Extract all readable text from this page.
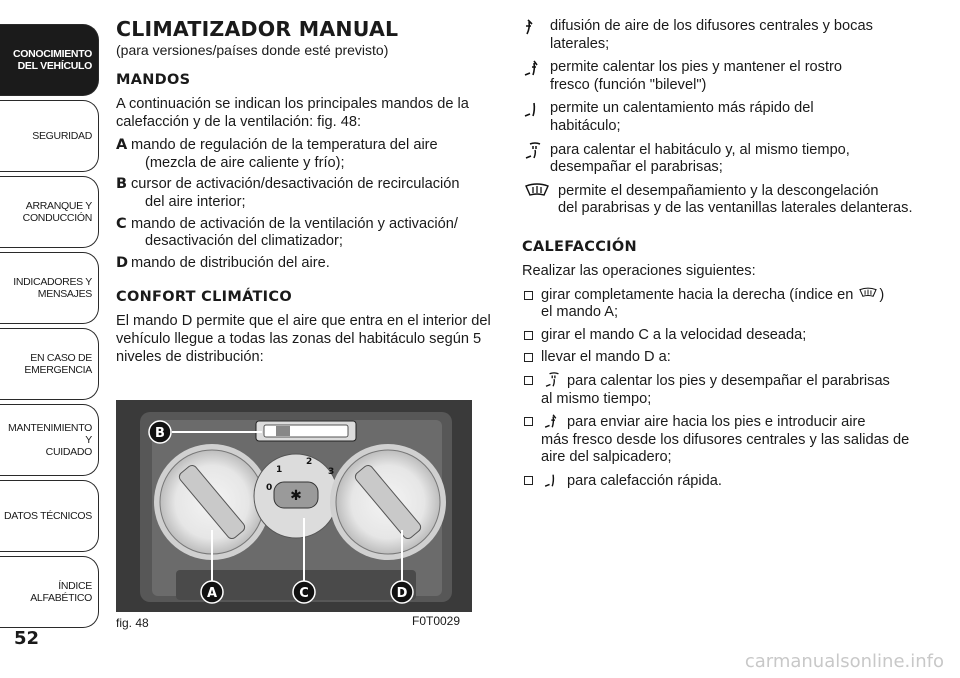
CONOCIMIENTO
DEL VEHÍCULO
SEGURIDAD
ARRANQUE Y
CONDUCCIÓN
INDICADORES Y
MENSAJES
EN CASO DE
EMERGENCIA
MANTENIMIENTO Y
CUIDADO
DATOS TÉCNICOS
ÍNDICE ALFABÉTICO
52
CLIMATIZADOR MANUAL
(para versiones/países donde esté previsto)
MANDOS

A continuación se indican los principales mandos de la calefacción y de la ventilación: fig. 48:

A mando de regulación de la temperatura del aire
(mezcla de aire caliente y frío);
B cursor de activación/desactivación de recirculación
del aire interior;
C mando de activación de la ventilación y activación/
desactivación del climatizador;
D mando de distribución del aire.
CONFORT CLIMÁTICO

El mando D permite que el aire que entra en el interior del vehículo llegue a todas las zonas del habitáculo según 5 niveles de distribución:

✱
1
2
3
0
B
A	C	D
fig. 48	F0T0029
difusión de aire de los difusores centrales y bocas
laterales;
permite calentar los pies y mantener el rostro
fresco (función "bilevel")
permite un calentamiento más rápido del
habitáculo;
para calentar el habitáculo y, al mismo tiempo,
desempañar el parabrisas;
permite el desempañamiento y la descongelación
del parabrisas y de las ventanillas laterales delanteras.
CALEFACCIÓN

Realizar las operaciones siguientes:

girar completamente hacia la derecha (índice en )
el mando A;
girar el mando C a la velocidad deseada;
llevar el mando D a:
para calentar los pies y desempañar el parabrisas
al mismo tiempo;
para enviar aire hacia los pies e introducir aire
más fresco desde los difusores centrales y las salidas de aire del salpicadero;
para calefacción rápida.
carmanualsonline.info
